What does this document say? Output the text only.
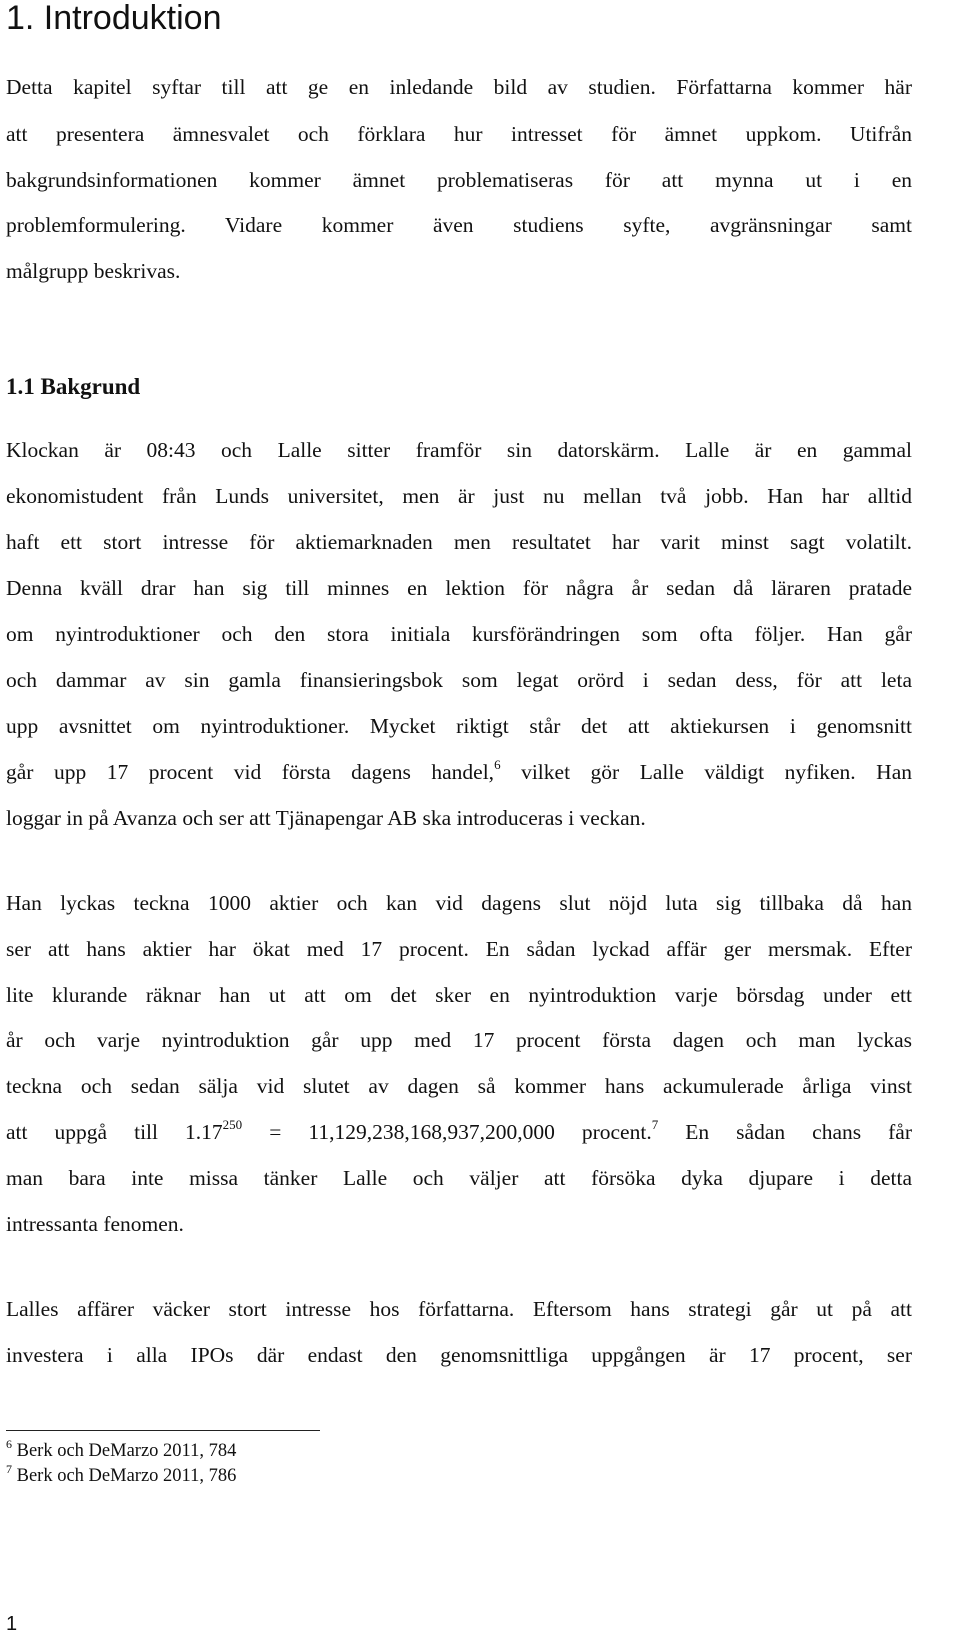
1. Introduktion
Detta kapitel syftar till att ge en inledande bild av studien. Författarna kommer här
att presentera ämnesvalet och förklara hur intresset för ämnet uppkom. Utifrån
bakgrundsinformationen kommer ämnet problematiseras för att mynna ut i en
problemformulering. Vidare kommer även studiens syfte, avgränsningar samt
målgrupp beskrivas.
1.1 Bakgrund
Klockan är 08:43 och Lalle sitter framför sin datorskärm. Lalle är en gammal
ekonomistudent från Lunds universitet, men är just nu mellan två jobb. Han har alltid
haft ett stort intresse för aktiemarknaden men resultatet har varit minst sagt volatilt.
Denna kväll drar han sig till minnes en lektion för några år sedan då läraren pratade
om nyintroduktioner och den stora initiala kursförändringen som ofta följer. Han går
och dammar av sin gamla finansieringsbok som legat orörd i sedan dess, för att leta
upp avsnittet om nyintroduktioner. Mycket riktigt står det att aktiekursen i genomsnitt
går upp 17 procent vid första dagens handel,$^6$ vilket gör Lalle väldigt nyfiken. Han
loggar in på Avanza och ser att Tjänapengar AB ska introduceras i veckan.
Han lyckas teckna 1000 aktier och kan vid dagens slut nöjd luta sig tillbaka då han
ser att hans aktier har ökat med 17 procent. En sådan lyckad affär ger mersmak. Efter
lite klurande räknar han ut att om det sker en nyintroduktion varje börsdag under ett
år och varje nyintroduktion går upp med 17 procent första dagen och man lyckas
teckna och sedan sälja vid slutet av dagen så kommer hans ackumulerade årliga vinst
att uppgå till $1.17^{250} = 11,129,238,168,937,200,000$ procent.$^7$ En sådan chans får
man bara inte missa tänker Lalle och väljer att försöka dyka djupare i detta
intressanta fenomen.
Lalles affärer väcker stort intresse hos författarna. Eftersom hans strategi går ut på att
investera i alla IPOs där endast den genomsnittliga uppgången är 17 procent, ser
$^6$ Berk och DeMarzo 2011, 784
$^7$ Berk och DeMarzo 2011, 786
1
